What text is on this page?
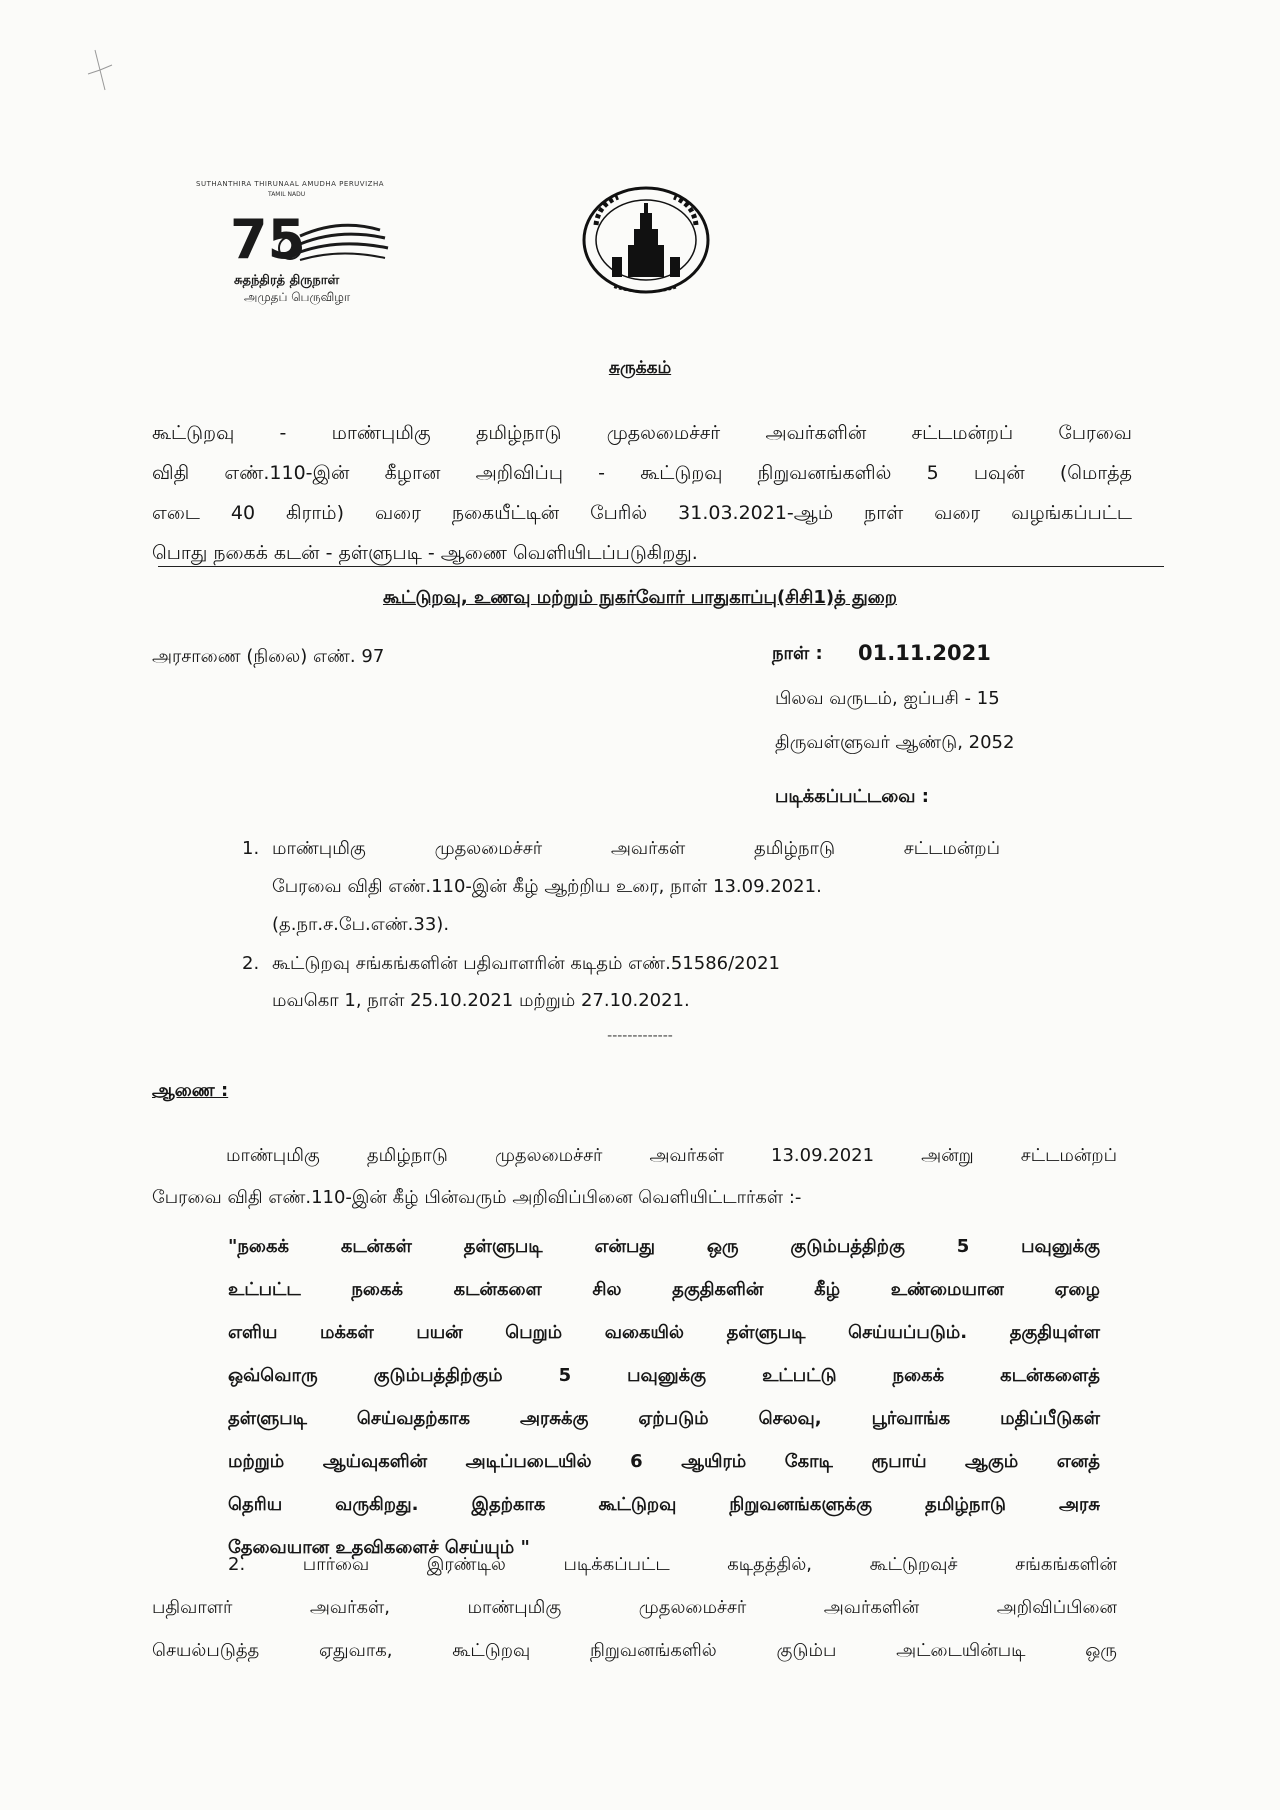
SUTHANTHIRA THIRUNAAL AMUDHA PERUVIZHA
TAMIL NADU
75
சுதந்திரத் திருநாள்
அமுதப் பெருவிழா

சுருக்கம்

கூட்டுறவு - மாண்புமிகு தமிழ்நாடு முதலமைச்சர் அவர்களின் சட்டமன்றப் பேரவை
விதி எண்.110-இன் கீழான அறிவிப்பு - கூட்டுறவு நிறுவனங்களில் 5 பவுன் (மொத்த
எடை 40 கிராம்) வரை நகையீட்டின் பேரில் 31.03.2021-ஆம் நாள் வரை வழங்கப்பட்ட
பொது நகைக் கடன் - தள்ளுபடி - ஆணை வெளியிடப்படுகிறது.

கூட்டுறவு, உணவு மற்றும் நுகர்வோர் பாதுகாப்பு(சிசி1)த் துறை

அரசாணை (நிலை) எண். 97	நாள் : 01.11.2021

பிலவ வருடம், ஐப்பசி - 15

திருவள்ளுவர் ஆண்டு, 2052

படிக்கப்பட்டவை :

1. மாண்புமிகு முதலமைச்சர் அவர்கள் தமிழ்நாடு சட்டமன்றப்

பேரவை விதி எண்.110-இன் கீழ் ஆற்றிய உரை, நாள் 13.09.2021.

(த.நா.ச.பே.எண்.33).

2. கூட்டுறவு சங்கங்களின் பதிவாளரின் கடிதம் எண்.51586/2021

மவகொ 1, நாள் 25.10.2021 மற்றும் 27.10.2021.

-------------

ஆணை :

மாண்புமிகு தமிழ்நாடு முதலமைச்சர் அவர்கள் 13.09.2021 அன்று சட்டமன்றப்
பேரவை விதி எண்.110-இன் கீழ் பின்வரும் அறிவிப்பினை வெளியிட்டார்கள் :-
"நகைக் கடன்கள் தள்ளுபடி என்பது ஒரு குடும்பத்திற்கு 5 பவுனுக்கு
உட்பட்ட நகைக் கடன்களை சில தகுதிகளின் கீழ் உண்மையான ஏழை
எளிய மக்கள் பயன் பெறும் வகையில் தள்ளுபடி செய்யப்படும். தகுதியுள்ள
ஒவ்வொரு குடும்பத்திற்கும் 5 பவுனுக்கு உட்பட்டு நகைக் கடன்களைத்
தள்ளுபடி செய்வதற்காக அரசுக்கு ஏற்படும் செலவு, பூர்வாங்க மதிப்பீடுகள்
மற்றும் ஆய்வுகளின் அடிப்படையில் 6 ஆயிரம் கோடி ரூபாய் ஆகும் எனத்
தெரிய வருகிறது. இதற்காக கூட்டுறவு நிறுவனங்களுக்கு தமிழ்நாடு அரசு
தேவையான உதவிகளைச் செய்யும் "
2. பார்வை இரண்டில் படிக்கப்பட்ட கடிதத்தில், கூட்டுறவுச் சங்கங்களின்
பதிவாளர் அவர்கள், மாண்புமிகு முதலமைச்சர் அவர்களின் அறிவிப்பினை
செயல்படுத்த ஏதுவாக, கூட்டுறவு நிறுவனங்களில் குடும்ப அட்டையின்படி ஒரு
